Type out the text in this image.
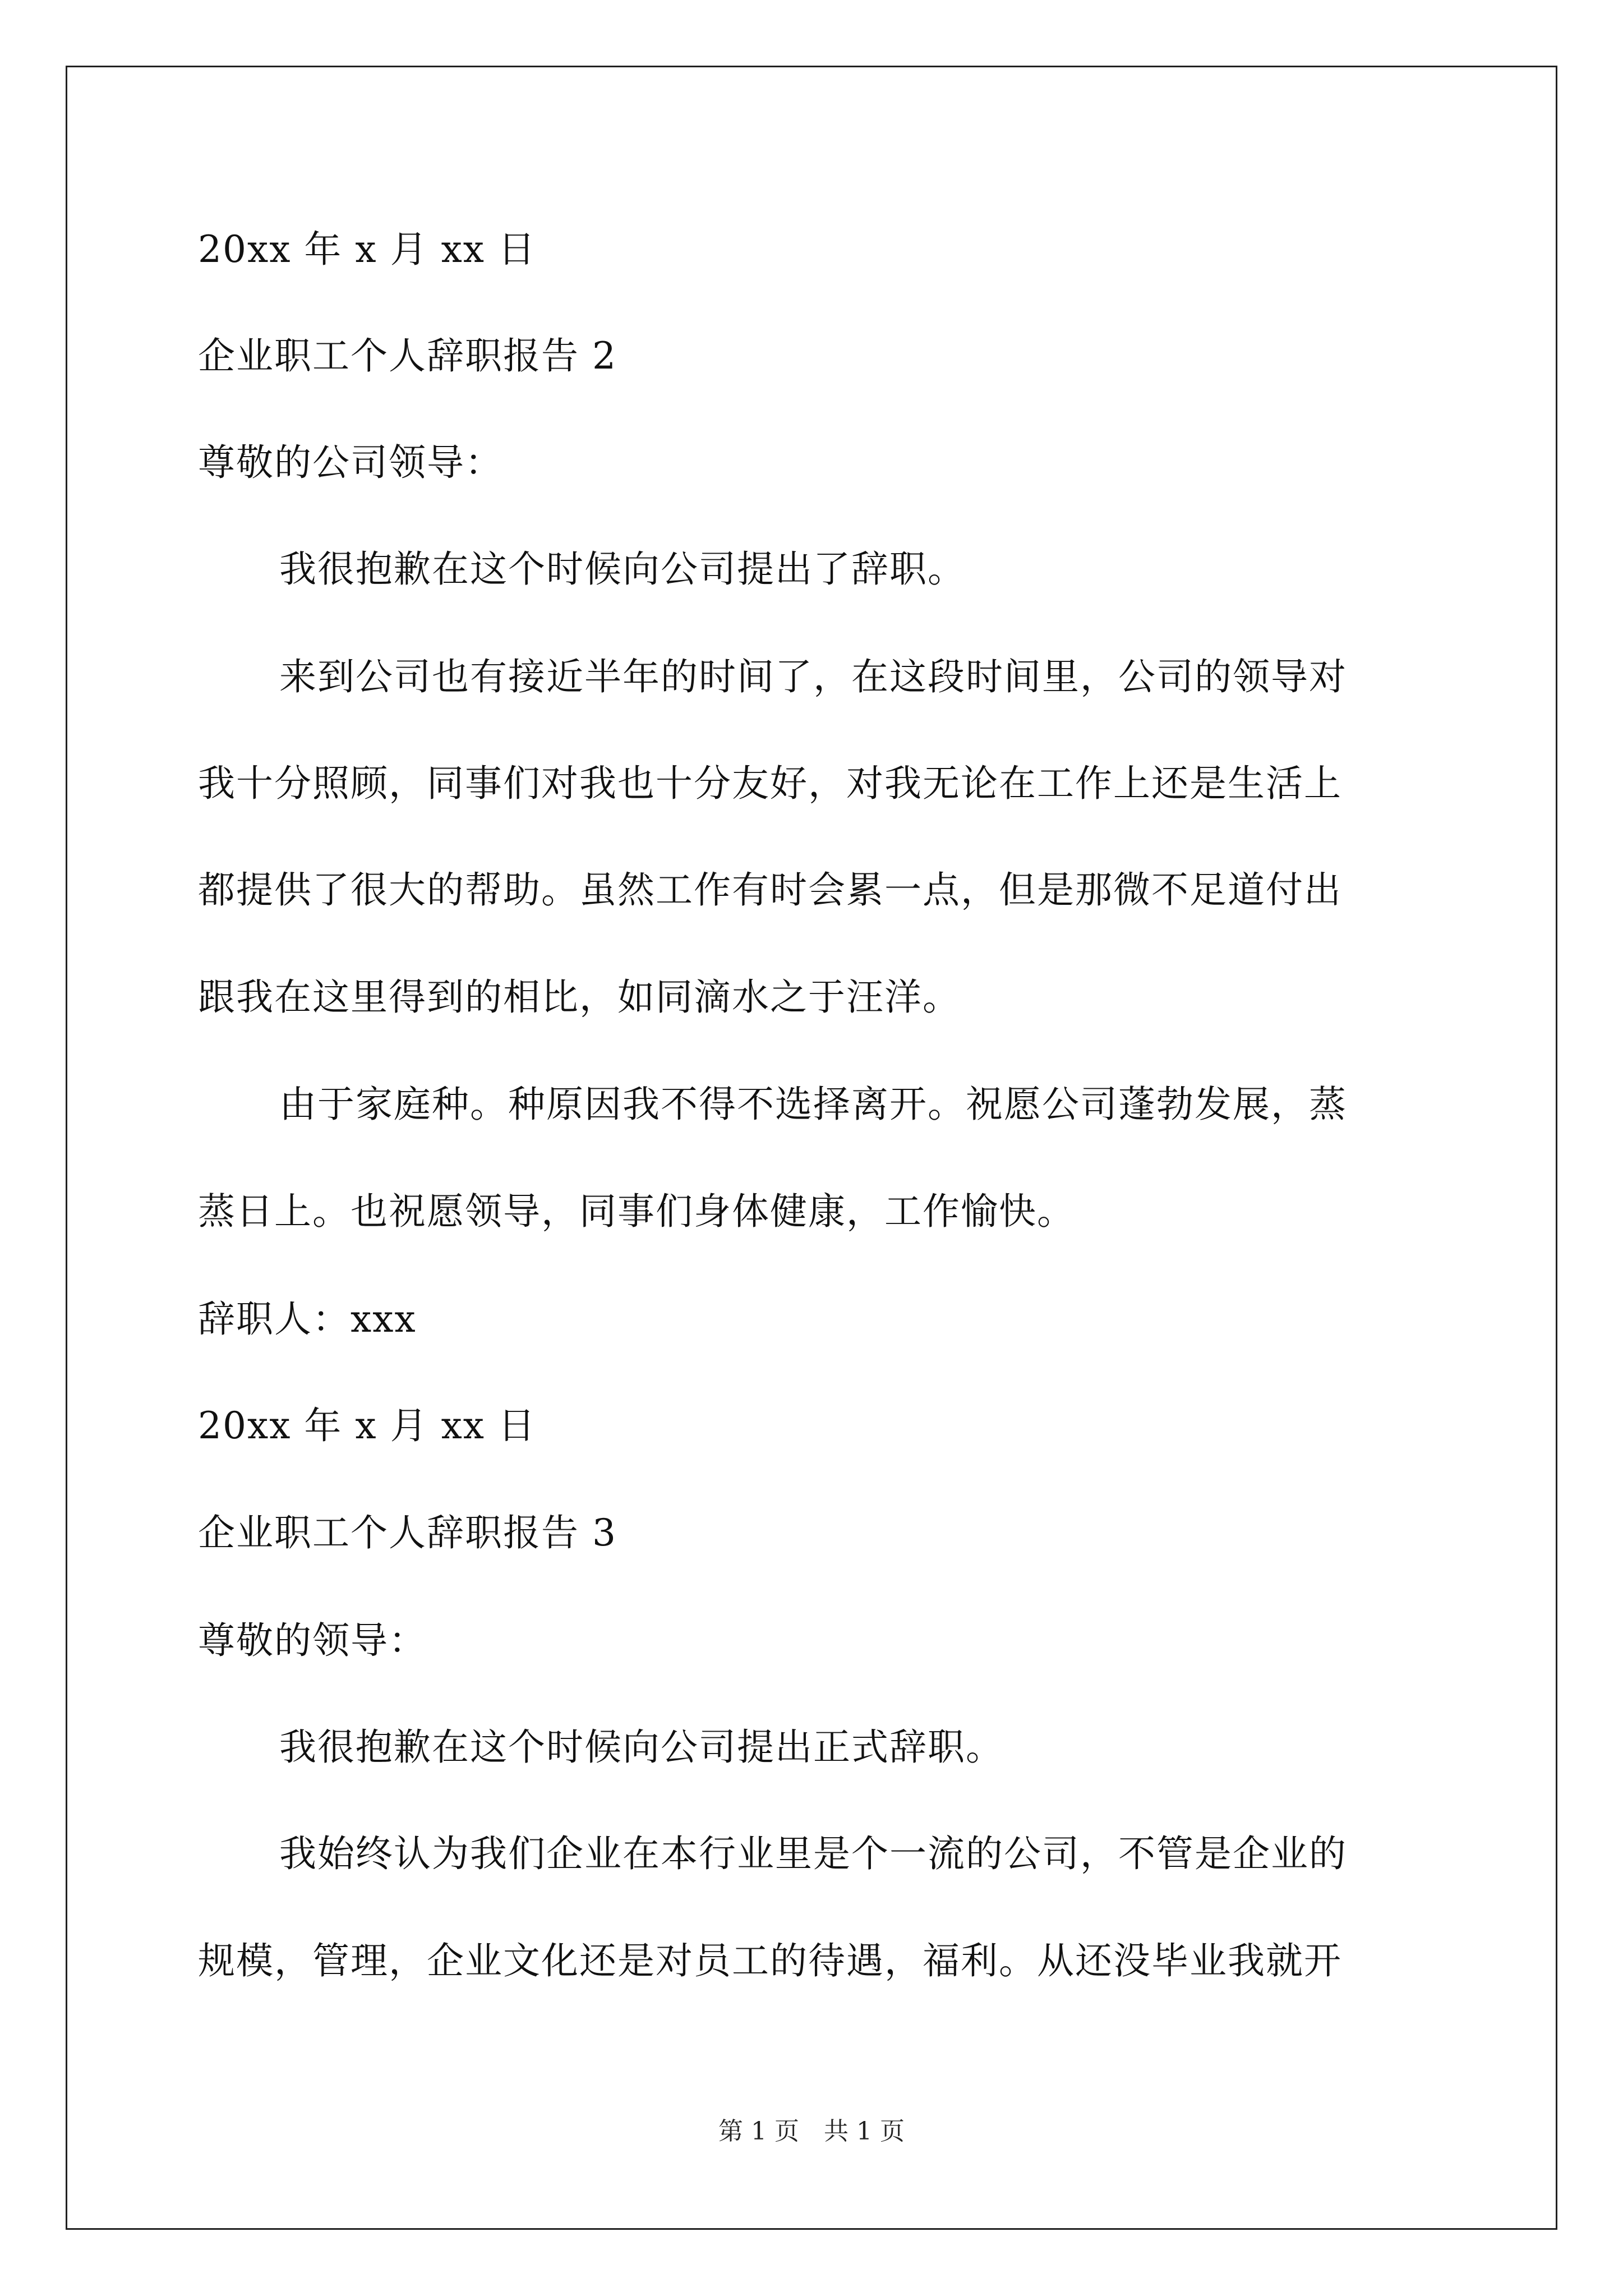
20xx 年 x 月 xx 日
企业职工个人辞职报告 2
尊敬的公司领导：
我很抱歉在这个时候向公司提出了辞职。
来到公司也有接近半年的时间了，在这段时间里，公司的领导对
我十分照顾，同事们对我也十分友好，对我无论在工作上还是生活上
都提供了很大的帮助。虽然工作有时会累一点，但是那微不足道付出
跟我在这里得到的相比，如同滴水之于汪洋。
由于家庭种。种原因我不得不选择离开。祝愿公司蓬勃发展，蒸
蒸日上。也祝愿领导，同事们身体健康，工作愉快。
辞职人：xxx
20xx 年 x 月 xx 日
企业职工个人辞职报告 3
尊敬的领导：
我很抱歉在这个时候向公司提出正式辞职。
我始终认为我们企业在本行业里是个一流的公司，不管是企业的
规模，管理，企业文化还是对员工的待遇，福利。从还没毕业我就开
第 1 页　共 1 页
